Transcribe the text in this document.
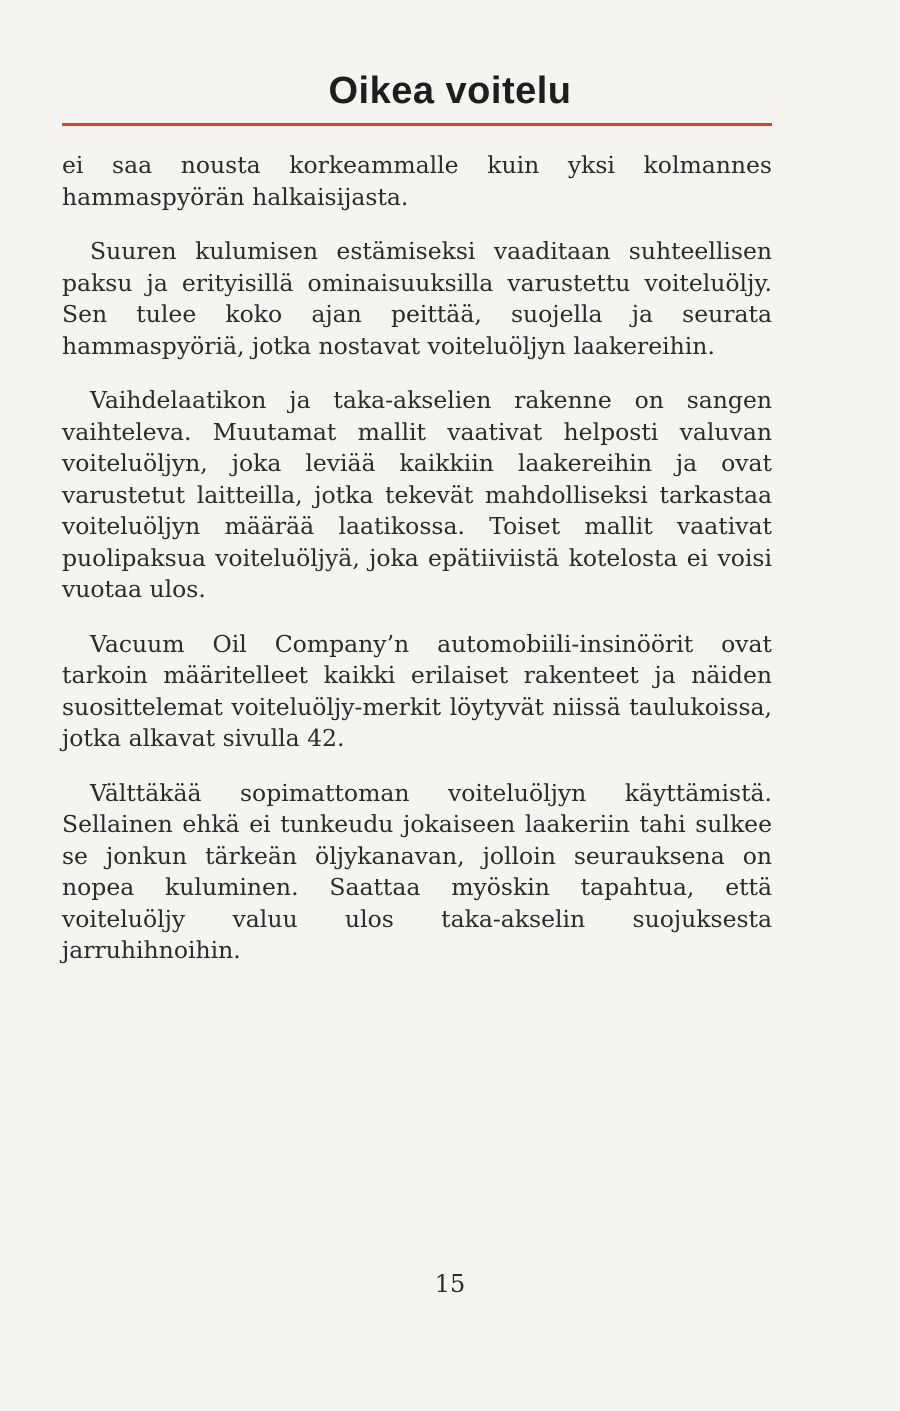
Oikea voitelu

ei saa nousta korkeammalle kuin yksi kolmannes hammaspyörän halkaisijasta.

Suuren kulumisen estämiseksi vaaditaan suhteellisen paksu ja erityisillä ominaisuuksilla varustettu voiteluöljy. Sen tulee koko ajan peittää, suojella ja seurata hammaspyöriä, jotka nostavat voiteluöljyn laakereihin.

Vaihdelaatikon ja taka-akselien rakenne on sangen vaihteleva. Muutamat mallit vaativat helposti valuvan voiteluöljyn, joka leviää kaikkiin laakereihin ja ovat varustetut laitteilla, jotka tekevät mahdolliseksi tarkastaa voiteluöljyn määrää laatikossa. Toiset mallit vaativat puolipaksua voiteluöljyä, joka epätiiviistä kotelosta ei voisi vuotaa ulos.

Vacuum Oil Company’n automobiili-insinöörit ovat tarkoin määritelleet kaikki erilaiset rakenteet ja näiden suosittelemat voiteluöljy-merkit löytyvät niissä taulukoissa, jotka alkavat sivulla 42.

Välttäkää sopimattoman voiteluöljyn käyttämistä. Sellainen ehkä ei tunkeudu jokaiseen laakeriin tahi sulkee se jonkun tärkeän öljykanavan, jolloin seurauksena on nopea kuluminen. Saattaa myöskin tapahtua, että voiteluöljy valuu ulos taka-akselin suojuksesta jarruhihnoihin.

15
